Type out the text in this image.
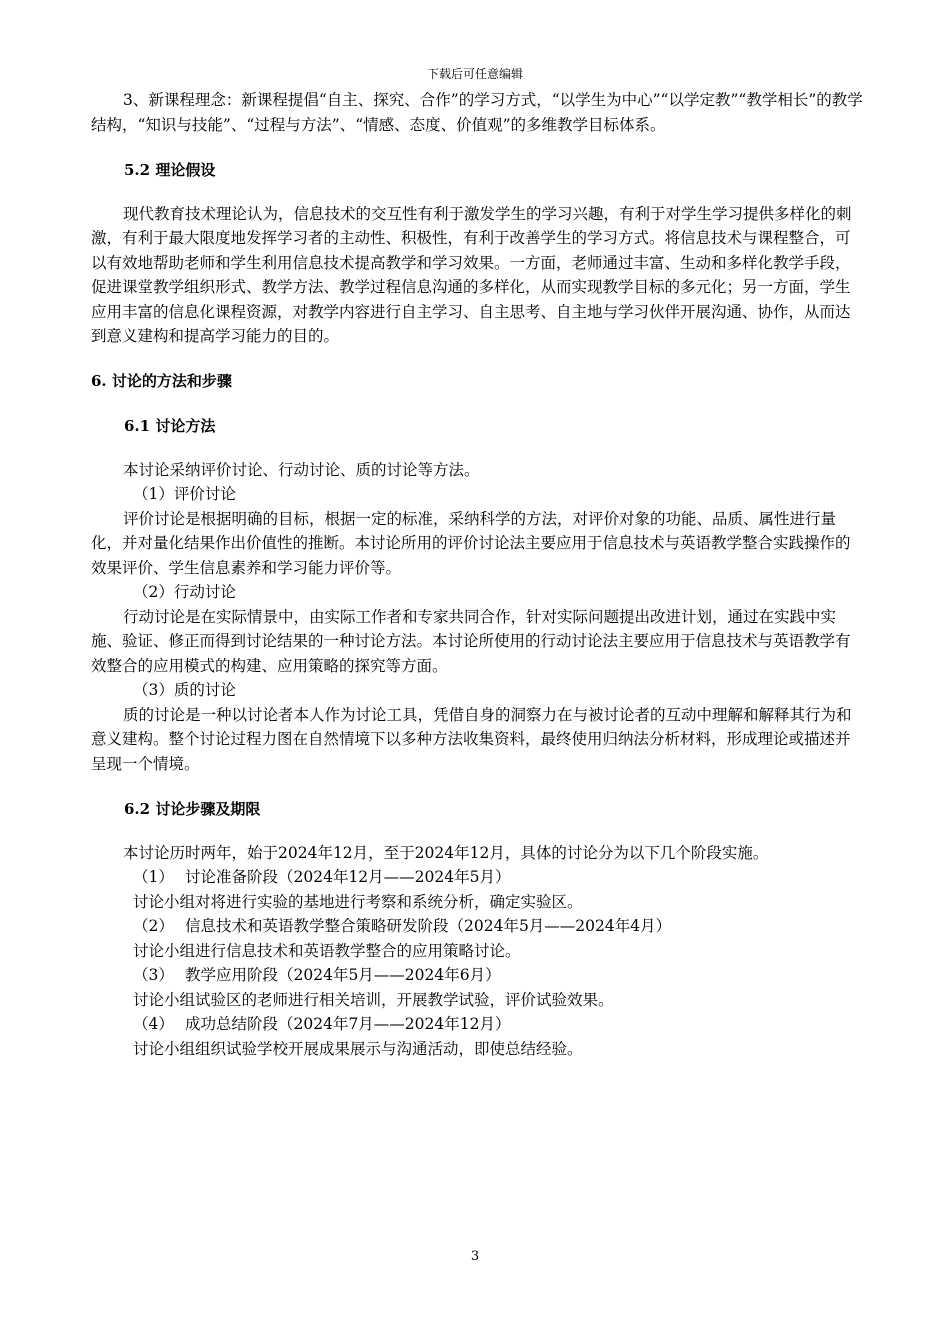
下载后可任意编辑

3、新课程理念：新课程提倡“自主、探究、合作”的学习方式，“以学生为中心”“以学定教”“教学相长”的教学结构，“知识与技能”、“过程与方法”、“情感、态度、价值观”的多维教学目标体系。

5.2 理论假设

现代教育技术理论认为，信息技术的交互性有利于激发学生的学习兴趣，有利于对学生学习提供多样化的刺激，有利于最大限度地发挥学习者的主动性、积极性，有利于改善学生的学习方式。将信息技术与课程整合，可以有效地帮助老师和学生利用信息技术提高教学和学习效果。一方面，老师通过丰富、生动和多样化教学手段，促进课堂教学组织形式、教学方法、教学过程信息沟通的多样化，从而实现教学目标的多元化；另一方面，学生应用丰富的信息化课程资源，对教学内容进行自主学习、自主思考、自主地与学习伙伴开展沟通、协作，从而达到意义建构和提高学习能力的目的。

6. 讨论的方法和步骤
6.1 讨论方法

本讨论采纳评价讨论、行动讨论、质的讨论等方法。

（1）评价讨论

评价讨论是根据明确的目标，根据一定的标准，采纳科学的方法，对评价对象的功能、品质、属性进行量化，并对量化结果作出价值性的推断。本讨论所用的评价讨论法主要应用于信息技术与英语教学整合实践操作的效果评价、学生信息素养和学习能力评价等。

（2）行动讨论

行动讨论是在实际情景中，由实际工作者和专家共同合作，针对实际问题提出改进计划，通过在实践中实施、验证、修正而得到讨论结果的一种讨论方法。本讨论所使用的行动讨论法主要应用于信息技术与英语教学有效整合的应用模式的构建、应用策略的探究等方面。

（3）质的讨论

质的讨论是一种以讨论者本人作为讨论工具，凭借自身的洞察力在与被讨论者的互动中理解和解释其行为和意义建构。整个讨论过程力图在自然情境下以多种方法收集资料，最终使用归纳法分析材料，形成理论或描述并呈现一个情境。

6.2 讨论步骤及期限

本讨论历时两年，始于2024年12月，至于2024年12月，具体的讨论分为以下几个阶段实施。

（1） 讨论准备阶段（2024年12月——2024年5月）

讨论小组对将进行实验的基地进行考察和系统分析，确定实验区。

（2） 信息技术和英语教学整合策略研发阶段（2024年5月——2024年4月）

讨论小组进行信息技术和英语教学整合的应用策略讨论。

（3） 教学应用阶段（2024年5月——2024年6月）

讨论小组试验区的老师进行相关培训，开展教学试验，评价试验效果。

（4） 成功总结阶段（2024年7月——2024年12月）

讨论小组组织试验学校开展成果展示与沟通活动，即使总结经验。

3
